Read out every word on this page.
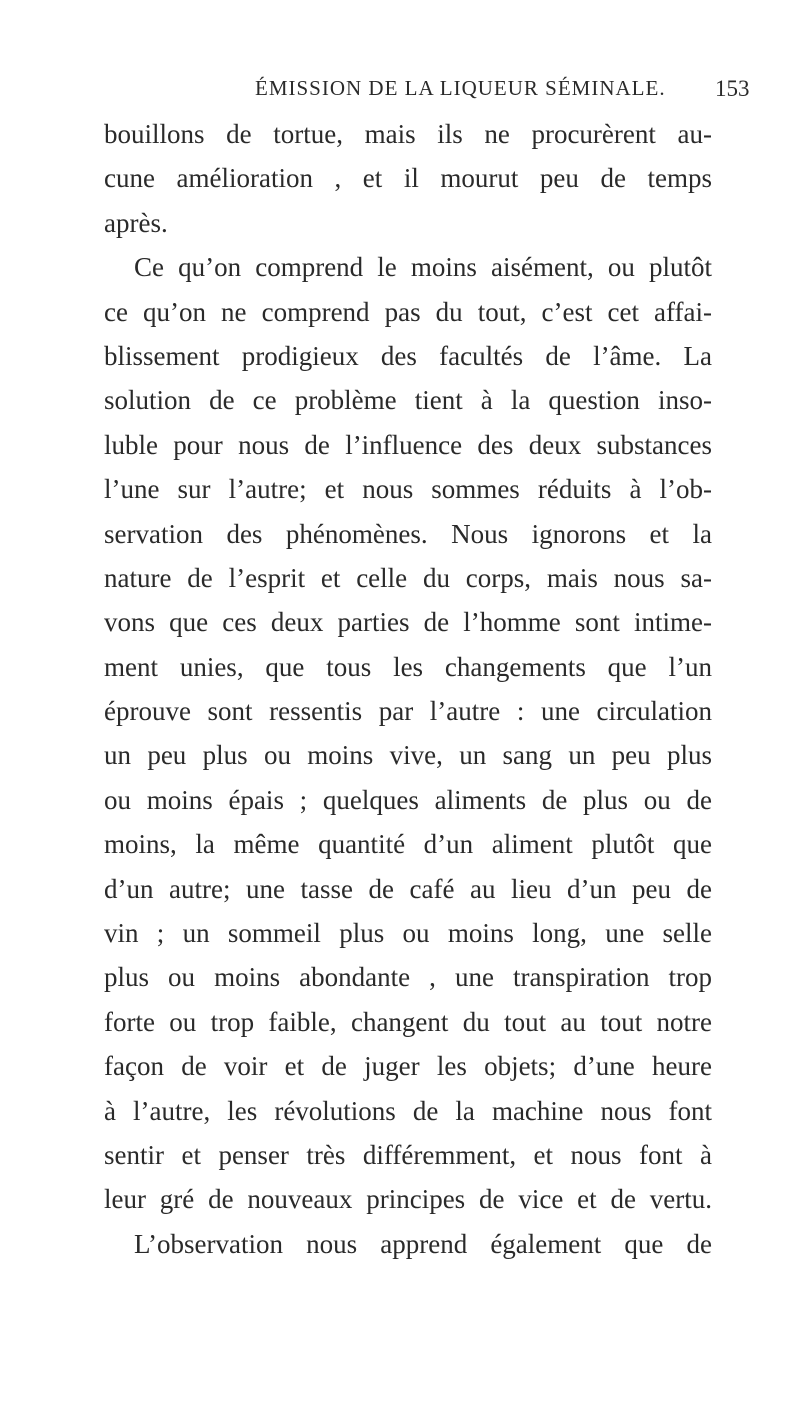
ÉMISSION DE LA LIQUEUR SÉMINALE. 153
bouillons de tortue, mais ils ne procurèrent au-
cune amélioration , et il mourut peu de temps
après.
Ce qu’on comprend le moins aisément, ou plutôt
ce qu’on ne comprend pas du tout, c’est cet affai-
blissement prodigieux des facultés de l’âme. La
solution de ce problème tient à la question inso-
luble pour nous de l’influence des deux substances
l’une sur l’autre; et nous sommes réduits à l’ob-
servation des phénomènes. Nous ignorons et la
nature de l’esprit et celle du corps, mais nous sa-
vons que ces deux parties de l’homme sont intime-
ment unies, que tous les changements que l’un
éprouve sont ressentis par l’autre : une circulation
un peu plus ou moins vive, un sang un peu plus
ou moins épais ; quelques aliments de plus ou de
moins, la même quantité d’un aliment plutôt que
d’un autre; une tasse de café au lieu d’un peu de
vin ; un sommeil plus ou moins long, une selle
plus ou moins abondante , une transpiration trop
forte ou trop faible, changent du tout au tout notre
façon de voir et de juger les objets; d’une heure
à l’autre, les révolutions de la machine nous font
sentir et penser très différemment, et nous font à
leur gré de nouveaux principes de vice et de vertu.
L’observation nous apprend également que de
